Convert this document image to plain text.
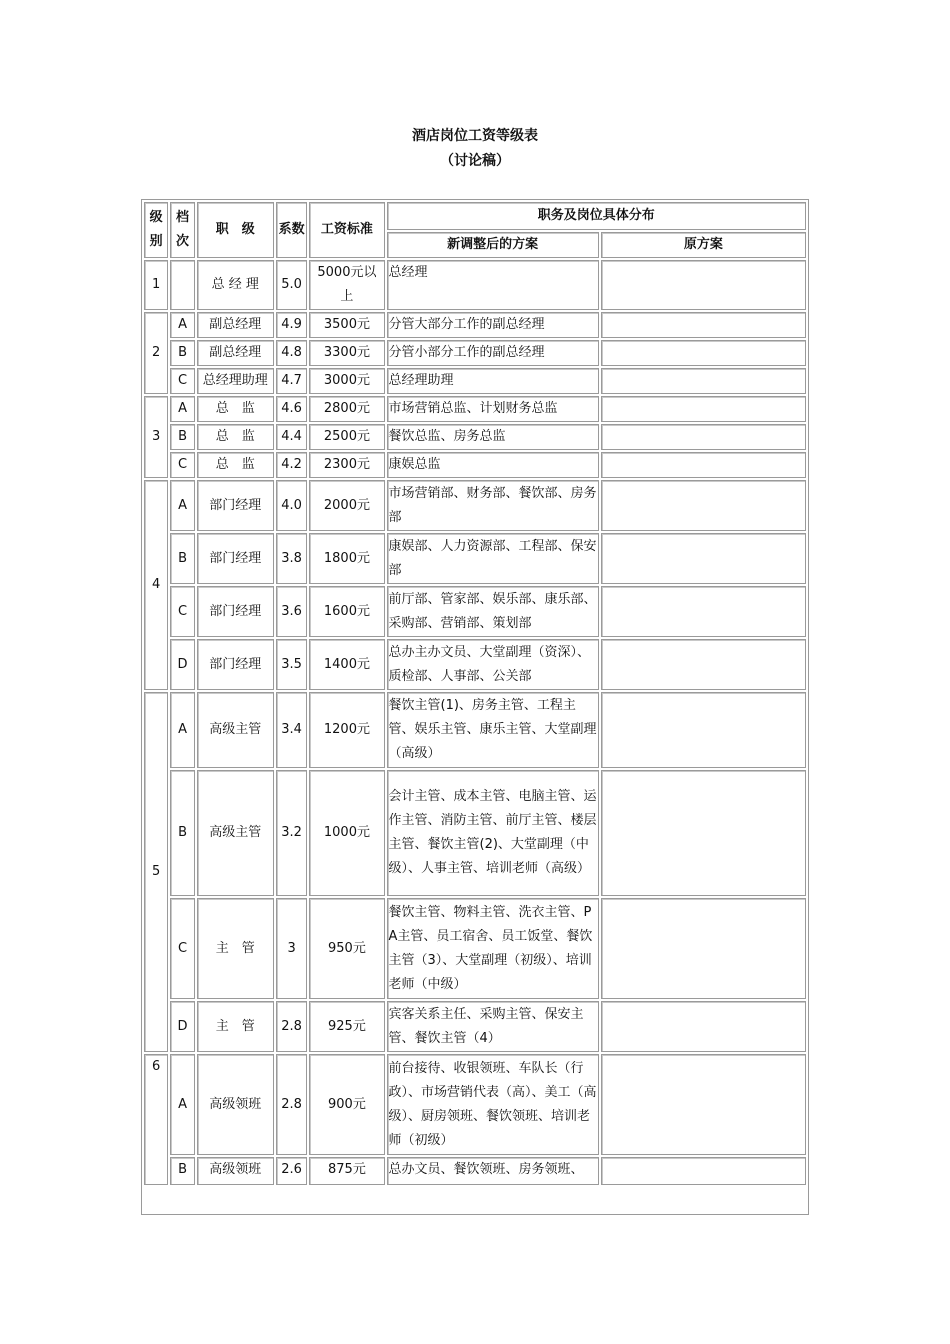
酒店岗位工资等级表
（讨论稿）
级别	档次	职　级	系数	工资标准	职务及岗位具体分布	
					新调整后的方案	原方案
1		总 经 理	5.0	5000元以上	总经理	
2	A	副总经理	4.9	3500元	分管大部分工作的副总经理	
	B	副总经理	4.8	3300元	分管小部分工作的副总经理	
	C	总经理助理	4.7	3000元	总经理助理	
3	A	总　监	4.6	2800元	市场营销总监、计划财务总监	
	B	总　监	4.4	2500元	餐饮总监、房务总监	
	C	总　监	4.2	2300元	康娱总监	
4	A	部门经理	4.0	2000元	市场营销部、财务部、餐饮部、房务部	
	B	部门经理	3.8	1800元	康娱部、人力资源部、工程部、保安部	
	C	部门经理	3.6	1600元	前厅部、管家部、娱乐部、康乐部、采购部、营销部、策划部	
	D	部门经理	3.5	1400元	总办主办文员、大堂副理（资深）、质检部、人事部、公关部	
5	A	高级主管	3.4	1200元	餐饮主管(1)、房务主管、工程主管、娱乐主管、康乐主管、大堂副理（高级）	
	B	高级主管	3.2	1000元	会计主管、成本主管、电脑主管、运作主管、消防主管、前厅主管、楼层主管、餐饮主管(2)、大堂副理（中级）、人事主管、培训老师（高级）	
	C	主　管	3	950元	餐饮主管、物料主管、洗衣主管、PA主管、员工宿舍、员工饭堂、餐饮主管（3）、大堂副理（初级）、培训老师（中级）	
	D	主　管	2.8	925元	宾客关系主任、采购主管、保安主管、餐饮主管（4）	
6	A	高级领班	2.8	900元	前台接待、收银领班、车队长（行政）、市场营销代表（高）、美工（高级）、厨房领班、餐饮领班、培训老师（初级）	
	B	高级领班	2.6	875元	总办文员、餐饮领班、房务领班、	
